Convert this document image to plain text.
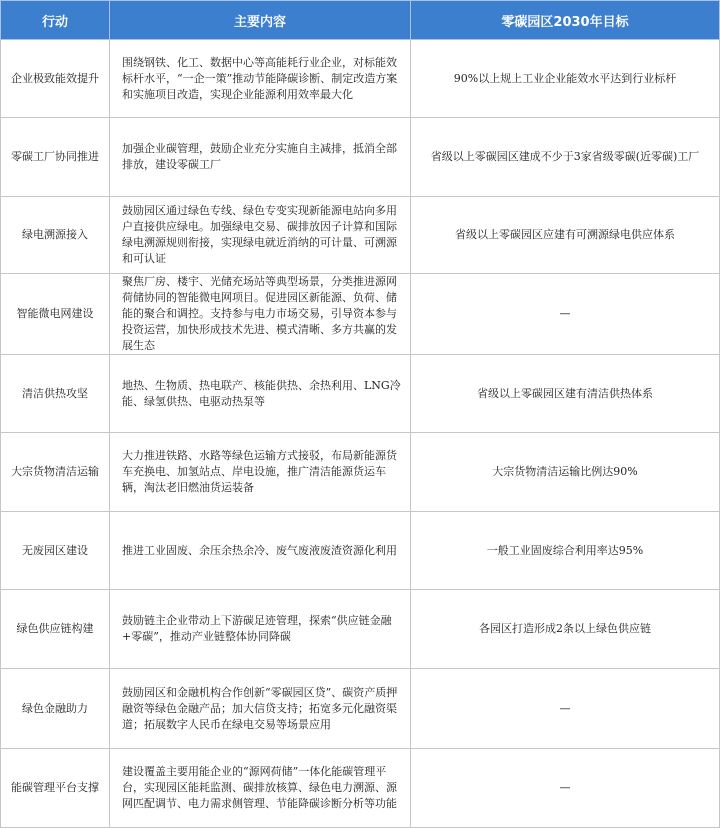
行动	主要内容	零碳园区2030年目标
企业极致能效提升	围绕钢铁、化工、数据中心等高能耗行业企业，对标能效标杆水平，“一企一策”推动节能降碳诊断、制定改造方案和实施项目改造，实现企业能源利用效率最大化	90%以上规上工业企业能效水平达到行业标杆
零碳工厂协同推进	加强企业碳管理，鼓励企业充分实施自主减排，抵消全部排放，建设零碳工厂	省级以上零碳园区建成不少于3家省级零碳(近零碳)工厂
绿电溯源接入	鼓励园区通过绿色专线、绿色专变实现新能源电站向多用户直接供应绿电。加强绿电交易、碳排放因子计算和国际绿电溯源规则衔接，实现绿电就近消纳的可计量、可溯源和可认证	省级以上零碳园区应建有可溯源绿电供应体系
智能微电网建设	聚焦厂房、楼宇、光储充场站等典型场景，分类推进源网荷储协同的智能微电网项目。促进园区新能源、负荷、储能的聚合和调控。支持参与电力市场交易，引导资本参与投资运营，加快形成技术先进、模式清晰、多方共赢的发展生态	—
清洁供热攻坚	地热、生物质、热电联产、核能供热、余热利用、LNG冷能、绿氢供热、电驱动热泵等	省级以上零碳园区建有清洁供热体系
大宗货物清洁运输	大力推进铁路、水路等绿色运输方式接驳，布局新能源货车充换电、加氢站点、岸电设施，推广清洁能源货运车辆，淘汰老旧燃油货运装备	大宗货物清洁运输比例达90%
无废园区建设	推进工业固废、余压余热余冷、废气废液废渣资源化利用	一般工业固废综合利用率达95%
绿色供应链构建	鼓励链主企业带动上下游碳足迹管理，探索“供应链金融+零碳”，推动产业链整体协同降碳	各园区打造形成2条以上绿色供应链
绿色金融助力	鼓励园区和金融机构合作创新“零碳园区贷”、碳资产质押融资等绿色金融产品；加大信贷支持；拓宽多元化融资渠道；拓展数字人民币在绿电交易等场景应用	—
能碳管理平台支撑	建设覆盖主要用能企业的“源网荷储”一体化能碳管理平台，实现园区能耗监测、碳排放核算、绿色电力溯源、源网匹配调节、电力需求侧管理、节能降碳诊断分析等功能	—
